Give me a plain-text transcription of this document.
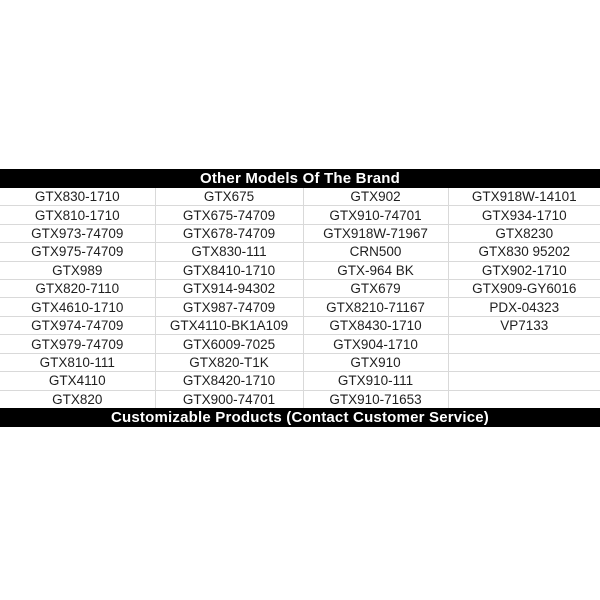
Other Models Of The Brand
GTX830-1710	GTX675	GTX902	GTX918W-14101
GTX810-1710	GTX675-74709	GTX910-74701	GTX934-1710
GTX973-74709	GTX678-74709	GTX918W-71967	GTX8230
GTX975-74709	GTX830-111	CRN500	GTX830 95202
GTX989	GTX8410-1710	GTX-964 BK	GTX902-1710
GTX820-7110	GTX914-94302	GTX679	GTX909-GY6016
GTX4610-1710	GTX987-74709	GTX8210-71167	PDX-04323
GTX974-74709	GTX4110-BK1A109	GTX8430-1710	VP7133
GTX979-74709	GTX6009-7025	GTX904-1710	
GTX810-111	GTX820-T1K	GTX910	
GTX4110	GTX8420-1710	GTX910-111	
GTX820	GTX900-74701	GTX910-71653	
Customizable Products (Contact Customer Service)
